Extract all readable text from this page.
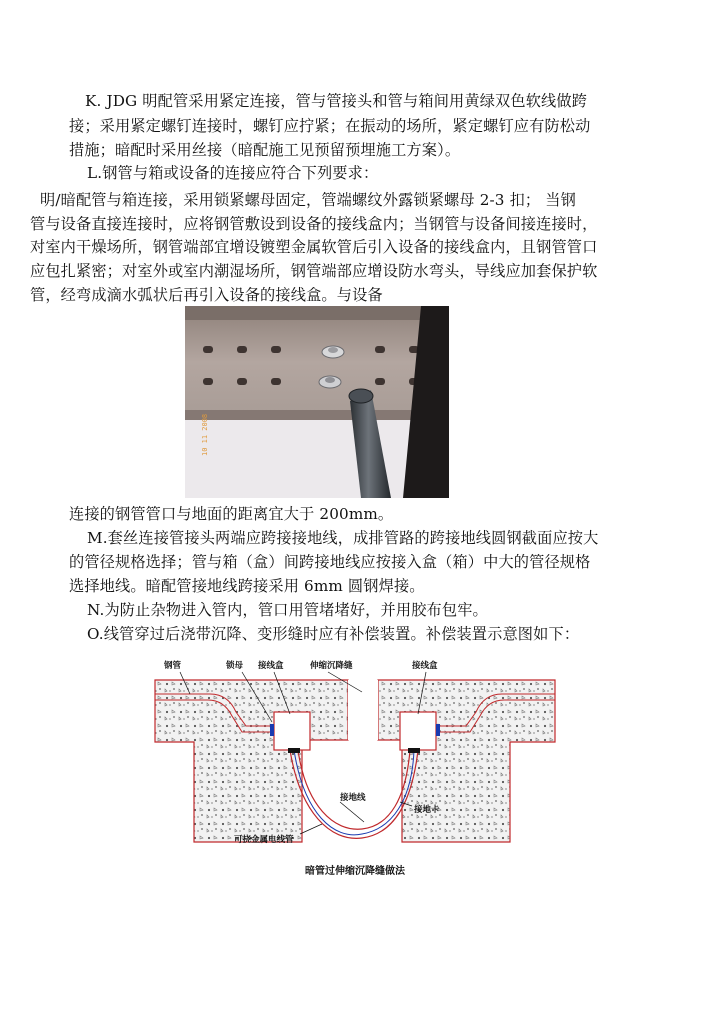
K. JDG 明配管采用紧定连接，管与管接头和管与箱间用黄绿双色软线做跨
接；采用紧定螺钉连接时，螺钉应拧紧；在振动的场所，紧定螺钉应有防松动
措施；暗配时采用丝接（暗配施工见预留预埋施工方案）。
L.钢管与箱或设备的连接应符合下列要求：
明/暗配管与箱连接，采用锁紧螺母固定，管端螺纹外露锁紧螺母 2-3 扣； 当钢
管与设备直接连接时，应将钢管敷设到设备的接线盒内；当钢管与设备间接连接时，
对室内干燥场所，钢管端部宜增设镀塑金属软管后引入设备的接线盒内，且钢管管口
应包扎紧密；对室外或室内潮湿场所，钢管端部应增设防水弯头，导线应加套保护软
管，经弯成滴水弧状后再引入设备的接线盒。与设备
10 11 2008
连接的钢管管口与地面的距离宜大于 200mm。
M.套丝连接管接头两端应跨接接地线，成排管路的跨接地线圆钢截面应按大
的管径规格选择；管与箱（盒）间跨接地线应按接入盒（箱）中大的管径规格
选择地线。暗配管接地线跨接采用 6mm 圆钢焊接。
N.为防止杂物进入管内，管口用管堵堵好，并用胶布包牢。
O.线管穿过后浇带沉降、变形缝时应有补偿装置。补偿装置示意图如下：
钢管	锁母 接线盒	伸缩沉降缝	接线盒
接地线
接地卡
可挠金属电线管
暗管过伸缩沉降缝做法
